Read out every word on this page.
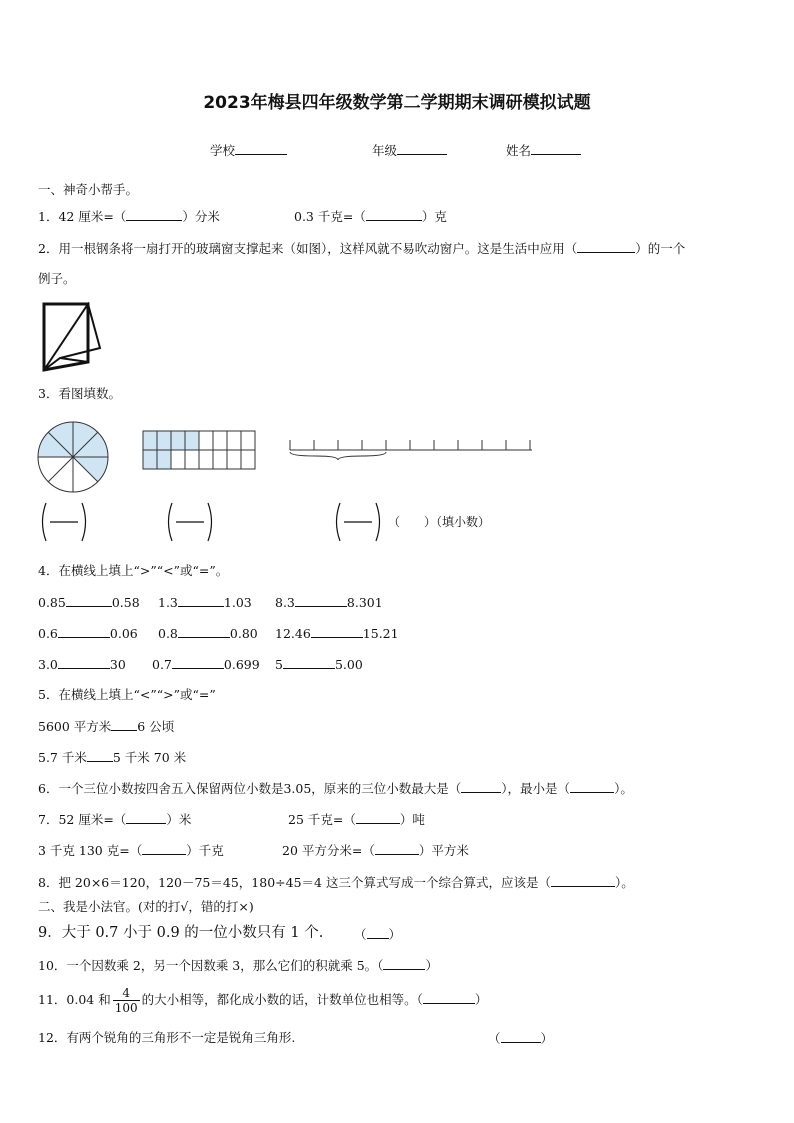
2023年梅县四年级数学第二学期期末调研模拟试题
学校	年级	姓名
一、神奇小帮手。
1．42 厘米=（	）分米	0.3 千克=（	）克
2．用一根钢条将一扇打开的玻璃窗支撑起来（如图），这样风就不易吹动窗户。这是生活中应用（	）的一个
例子。
3．看图填数。
（　　）（填小数）
4．在横线上填上“>”“<”或“=”。
0.85	0.58 1.3	1.03 8.3	8.301
0.6	0.06 0.8	0.80 12.46	15.21
3.0	30 0.7	0.699 5	5.00
5．在横线上填上“<”“>”或“=”
5600 平方米 6 公顷
5.7 千米 5 千米 70 米
6．一个三位小数按四舍五入保留两位小数是3.05，原来的三位小数最大是（	），最小是（	）。
7．52 厘米=（	）米	25 千克=（	）吨
3 千克 130 克=（	）千克	20 平方分米=（	）平方米
8．把 20×6＝120，120－75＝45，180÷45＝4 这三个算式写成一个综合算式，应该是（	）。
二、我是小法官。(对的打√，错的打×)
9．大于 0.7 小于 0.9 的一位小数只有 1 个. （ ）
10．一个因数乘 2，另一个因数乘 3，那么它们的积就乘 5。（	）
11．0.04 和 $\frac{4}{100}$ 的大小相等，都化成小数的话，计数单位也相等。（	）
12．有两个锐角的三角形不一定是锐角三角形.	（	）
